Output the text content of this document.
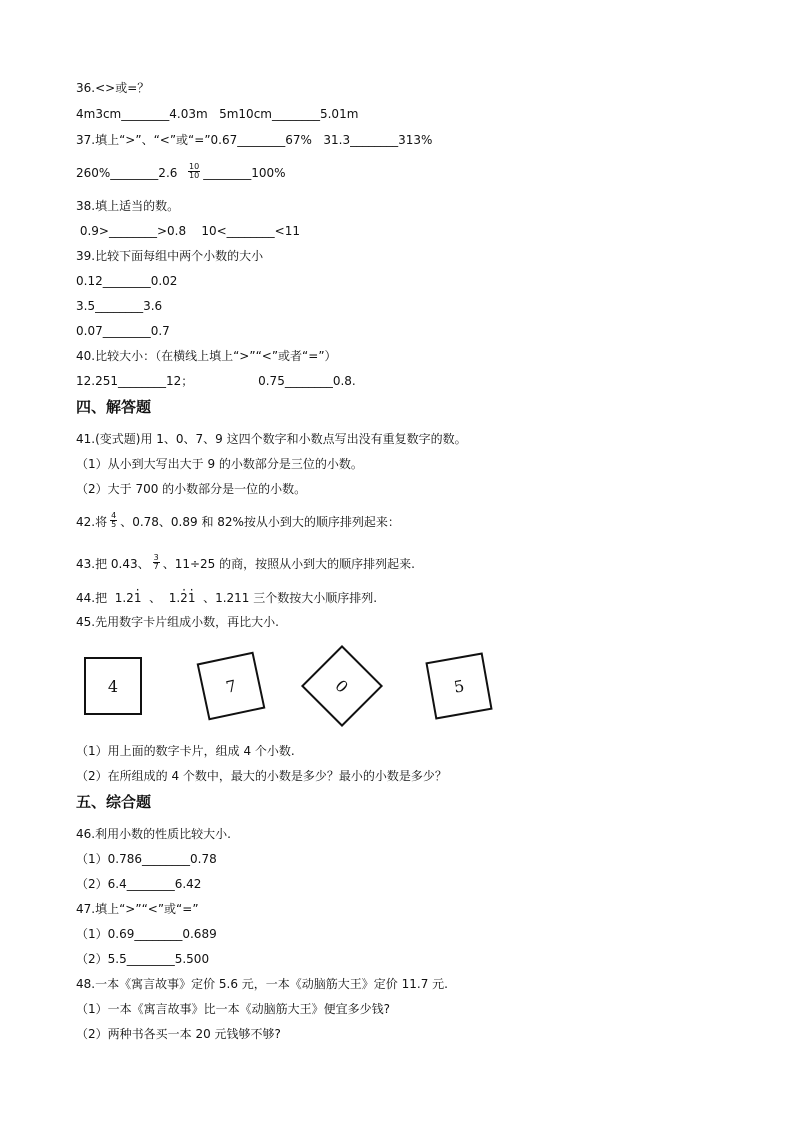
36.<>或=？
4m3cm________4.03m   5m10cm________5.01m
37.填上“>”、“<”或“=”0.67________67%   31.3________313%
260%________2.6 $\frac{10}{10}$ ________100%
38.填上适当的数。
0.9>________>0.8    10<________<11
39.比较下面每组中两个小数的大小
0.12________0.02
3.5________3.6
0.07________0.7
40.比较大小：（在横线上填上“>”“<”或者“=”）
12.251________12；                 0.75________0.8.
四、解答题
41.(变式题)用 1、0、7、9 这四个数字和小数点写出没有重复数字的数。
（1）从小到大写出大于 9 的小数部分是三位的小数。
（2）大于 700 的小数部分是一位的小数。
42.将 $\frac{4}{5}$ 、0.78、0.89 和 82%按从小到大的顺序排列起来：
43.把 0.43、 $\frac{3}{7}$ 、11÷25 的商，按照从小到大的顺序排列起来.
44.把  1.21 ·  、  1.2 ·1 ·  、1.211 三个数按大小顺序排列.
45.先用数字卡片组成小数，再比大小.
4	7	0	5
（1）用上面的数字卡片，组成 4 个小数.
（2）在所组成的 4 个数中，最大的小数是多少？最小的小数是多少？
五、综合题
46.利用小数的性质比较大小.
（1）0.786________0.78
（2）6.4________6.42
47.填上“>”“<”或“=”
（1）0.69________0.689
（2）5.5________5.500
48.一本《寓言故事》定价 5.6 元，一本《动脑筋大王》定价 11.7 元.
（1）一本《寓言故事》比一本《动脑筋大王》便宜多少钱?
（2）两种书各买一本 20 元钱够不够?
